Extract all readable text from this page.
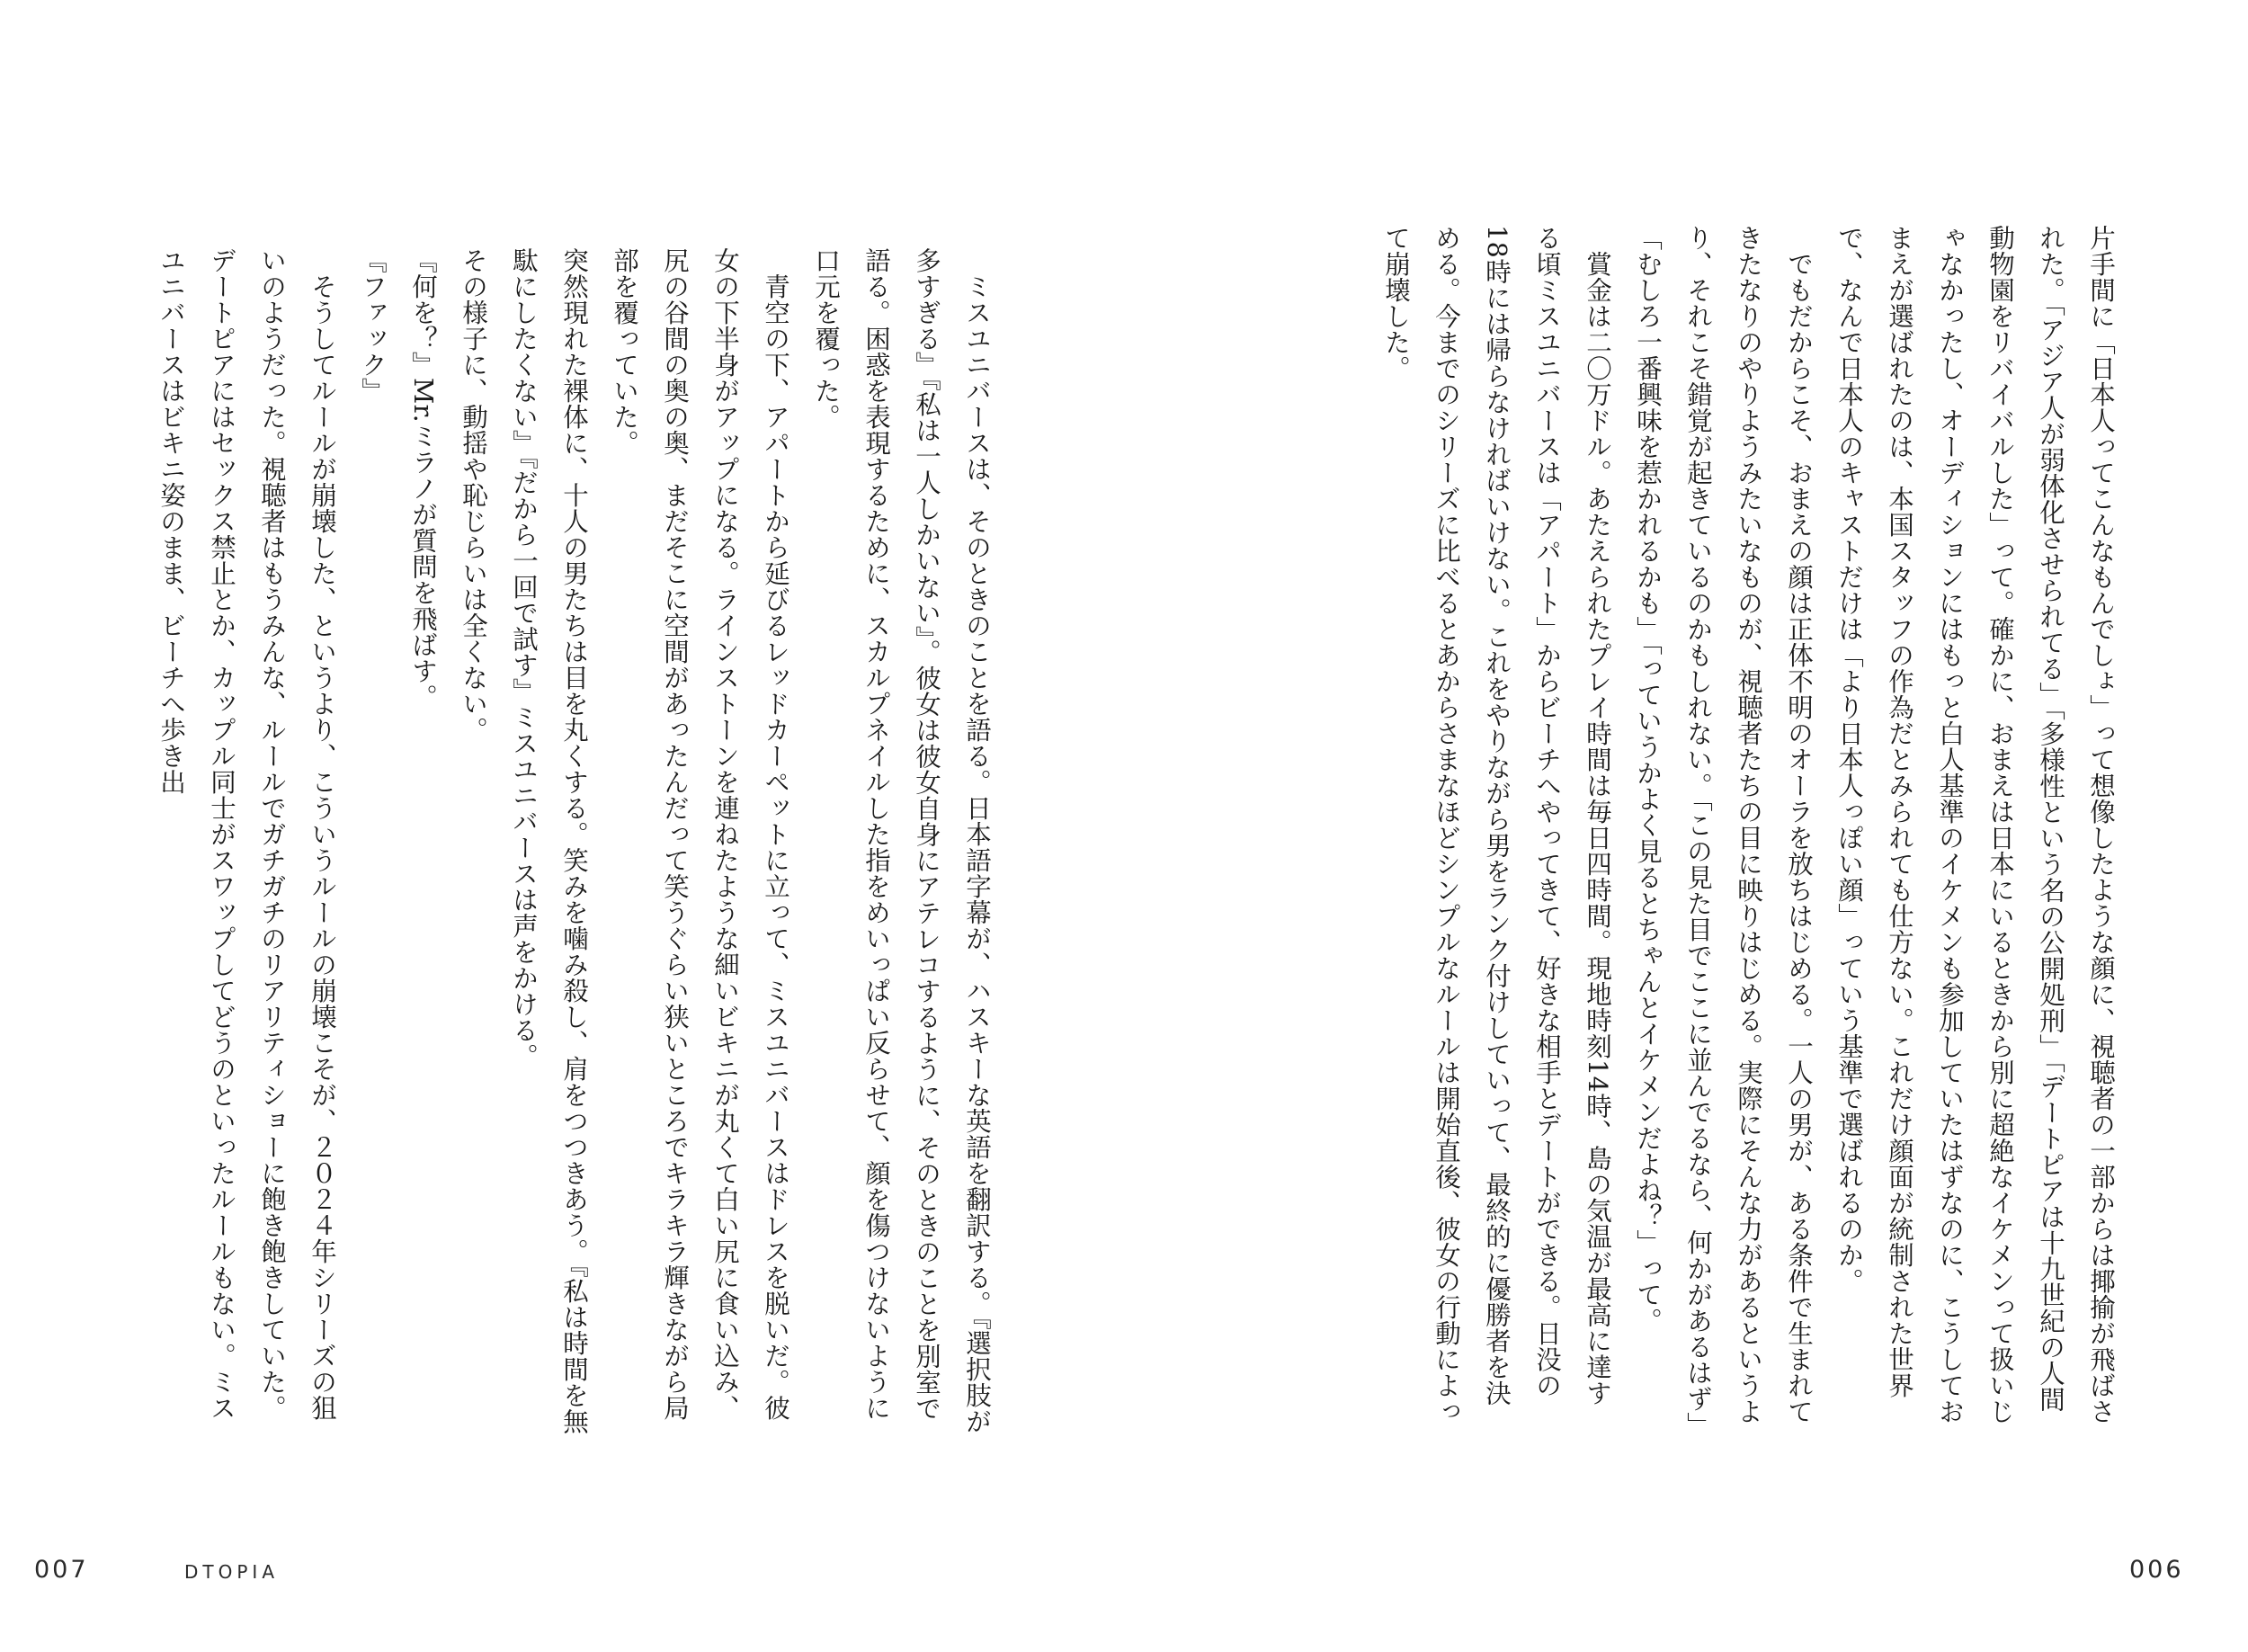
ミスユニバースは、そのときのことを語る。日本語字幕が、ハスキーな英語を翻訳する。『選択肢が多すぎる』『私は一人しかいない』。彼女は彼女自身にアテレコするように、そのときのことを別室で語る。困惑を表現するために、スカルプネイルした指をめいっぱい反らせて、顔を傷つけないように口元を覆った。

青空の下、アパートから延びるレッドカーペットに立って、ミスユニバースはドレスを脱いだ。彼女の下半身がアップになる。ラインストーンを連ねたような細いビキニが丸くて白い尻に食い込み、尻の谷間の奥の奥、まだそこに空間があったんだって笑うぐらい狭いところでキラキラ輝きながら局部を覆っていた。

突然現れた裸体に、十人の男たちは目を丸くする。笑みを噛み殺し、肩をつつきあう。『私は時間を無駄にしたくない』『だから一回で試す』ミスユニバースは声をかける。

その様子に、動揺や恥じらいは全くない。

『何を？』Mr.ミラノが質問を飛ばす。

『ファック』

そうしてルールが崩壊した、というより、こういうルールの崩壊こそが、２０２４年シリーズの狙いのようだった。視聴者はもうみんな、ルールでガチガチのリアリティショーに飽き飽きしていた。デートピアにはセックス禁止とか、カップル同士がスワップしてどうのといったルールもない。ミスユニバースはビキニ姿のまま、ビーチへ歩き出

007	DTOPIA

片手間に「日本人ってこんなもんでしょ」って想像したような顔に、視聴者の一部からは揶揄が飛ばされた。「アジア人が弱体化させられてる」「多様性という名の公開処刑」「デートピアは十九世紀の人間動物園をリバイバルした」って。確かに、おまえは日本にいるときから別に超絶なイケメンって扱いじゃなかったし、オーディションにはもっと白人基準のイケメンも参加していたはずなのに、こうしておまえが選ばれたのは、本国スタッフの作為だとみられても仕方ない。これだけ顔面が統制された世界で、なんで日本人のキャストだけは「より日本人っぽい顔」っていう基準で選ばれるのか。

でもだからこそ、おまえの顔は正体不明のオーラを放ちはじめる。一人の男が、ある条件で生まれてきたなりのやりようみたいなものが、視聴者たちの目に映りはじめる。実際にそんな力があるというより、それこそ錯覚が起きているのかもしれない。「この見た目でここに並んでるなら、何かがあるはず」「むしろ一番興味を惹かれるかも」「っていうかよく見るとちゃんとイケメンだよね？」って。

賞金は二〇万ドル。あたえられたプレイ時間は毎日四時間。現地時刻14時、島の気温が最高に達する頃ミスユニバースは「アパート」からビーチへやってきて、好きな相手とデートができる。日没の18時には帰らなければいけない。これをやりながら男をランク付けしていって、最終的に優勝者を決める。今までのシリーズに比べるとあからさまなほどシンプルなルールは開始直後、彼女の行動によって崩壊した。

006
